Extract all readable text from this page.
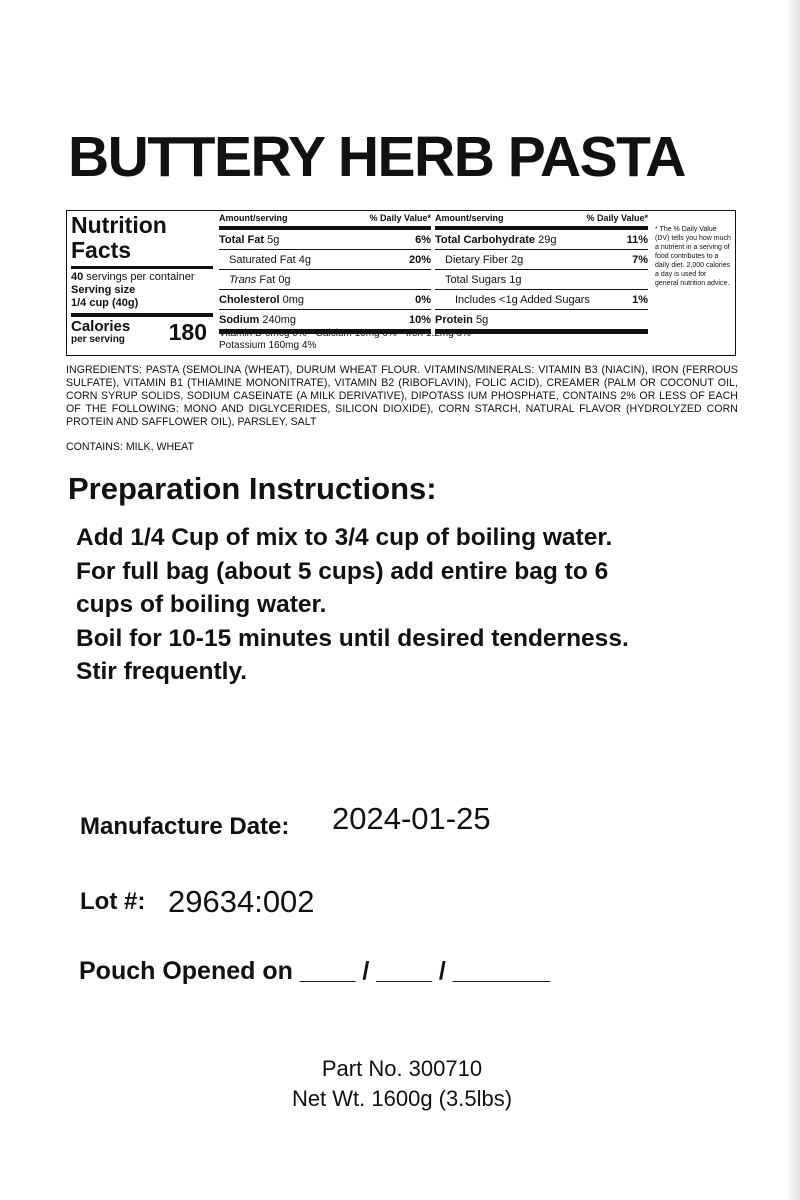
BUTTERY HERB PASTA
Nutrition
Facts
40 servings per container
Serving size
1/4 cup (40g)
Calories
per serving 180
Amount/serving	% Daily Value*
Total Fat 5g	6%
Saturated Fat 4g	20%
Trans Fat 0g
Cholesterol 0mg	0%
Sodium 240mg	10%
Amount/serving	% Daily Value*
Total Carbohydrate 29g	11%
Dietary Fiber 2g	7%
Total Sugars 1g
Includes <1g Added Sugars	1%
Protein 5g
Vitamin D 0mcg 0% • Calcium 10mg 0% • Iron 1.2mg 6%
Potassium 160mg 4%
* The % Daily Value (DV) tells you how much a nutrient in a serving of food contributes to a daily diet. 2,000 calories a day is used for general nutrition advice.

INGREDIENTS: PASTA (SEMOLINA (WHEAT), DURUM WHEAT FLOUR. VITAMINS/MINERALS: VITAMIN B3 (NIACIN), IRON (FERROUS SULFATE), VITAMIN B1 (THIAMINE MONONITRATE), VITAMIN B2 (RIBOFLAVIN), FOLIC ACID), CREAMER (PALM OR COCONUT OIL, CORN SYRUP SOLIDS, SODIUM CASEINATE (A MILK DERIVATIVE), DIPOTASS IUM PHOSPHATE, CONTAINS 2% OR LESS OF EACH OF THE FOLLOWING: MONO AND DIGLYCERIDES, SILICON DIOXIDE), CORN STARCH, NATURAL FLAVOR (HYDROLYZED CORN PROTEIN AND SAFFLOWER OIL), PARSLEY, SALT

CONTAINS: MILK, WHEAT
Preparation Instructions:
Add 1/4 Cup of mix to 3/4 cup of boiling water.
For full bag (about 5 cups) add entire bag to 6
cups of boiling water.
Boil for 10-15 minutes until desired tenderness.
Stir frequently.
Manufacture Date: 2024-01-25
Lot #: 29634:002
Pouch Opened on ____ / ____ / _______
Part No. 300710
Net Wt. 1600g (3.5lbs)
